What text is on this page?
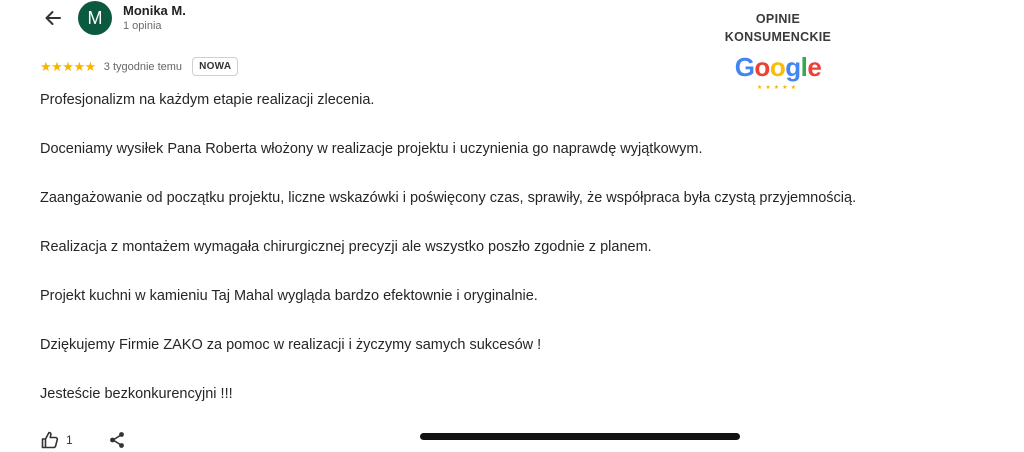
M Monika M.
1 opinia
★★★★★ 3 tygodnie temu	NOWA

Profesjonalizm na każdym etapie realizacji zlecenia.

Doceniamy wysiłek Pana Roberta włożony w realizacje projektu i uczynienia go naprawdę wyjątkowym.

Zaangażowanie od początku projektu, liczne wskazówki i poświęcony czas, sprawiły, że współpraca była czystą przyjemnością.

Realizacja z montażem wymagała chirurgicznej precyzji ale wszystko poszło zgodnie z planem.

Projekt kuchni w kamieniu Taj Mahal wygląda bardzo efektownie i oryginalnie.

Dziękujemy Firmie ZAKO za pomoc w realizacji i życzymy samych sukcesów !

Jesteście bezkonkurencyjni !!!

OPINIE
KONSUMENCKIE
Google
★★★★★
1
